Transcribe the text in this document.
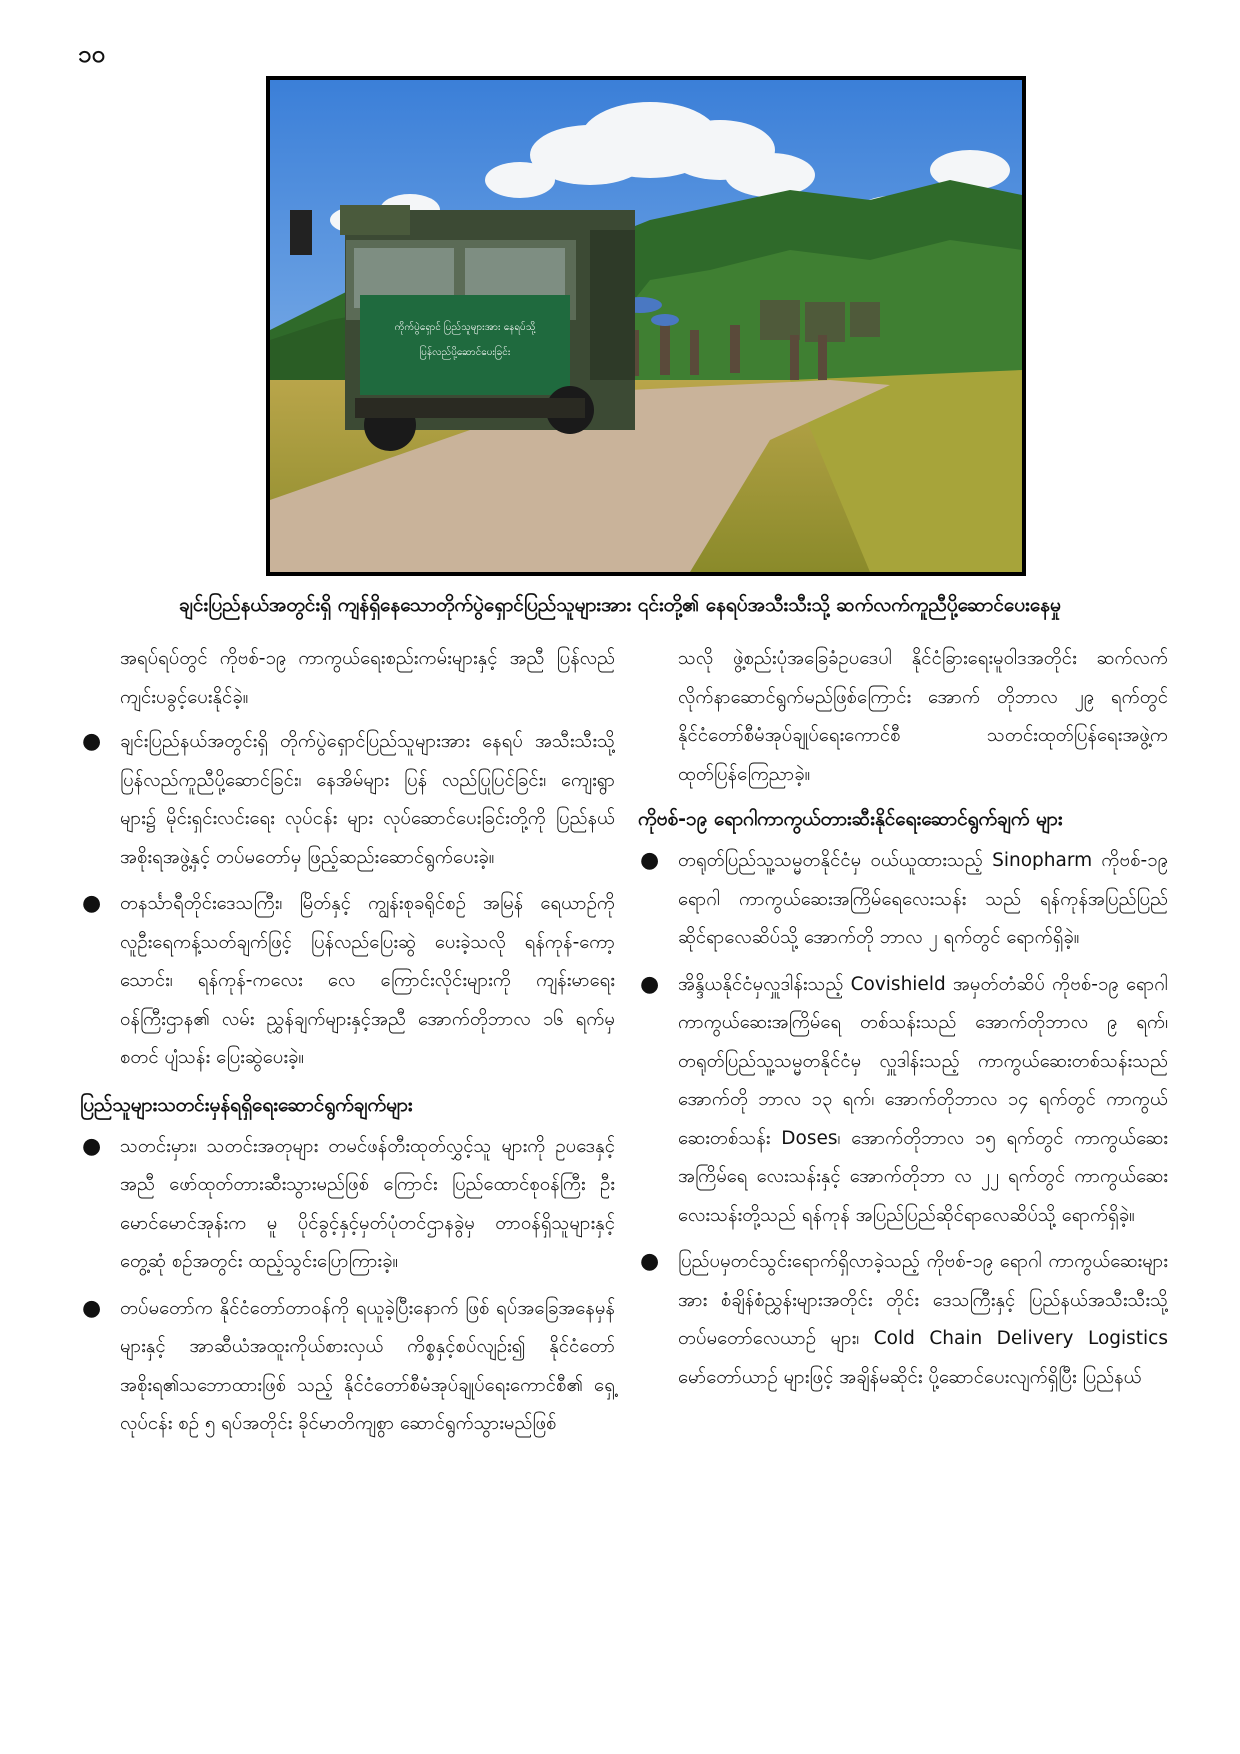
၁၀
ကိုက်ပွဲရှောင် ပြည်သူများအား နေရပ်သို့
ပြန်လည်ပို့ဆောင်ပေးခြင်း
ချင်းပြည်နယ်အတွင်းရှိ ကျန်ရှိနေသောတိုက်ပွဲရှောင်ပြည်သူများအား ၎င်းတို့၏ နေရပ်အသီးသီးသို့ ဆက်လက်ကူညီပို့ဆောင်ပေးနေမှု

အရပ်ရပ်တွင် ကိုဗစ်-၁၉ ကာကွယ်ရေးစည်းကမ်းများနှင့် အညီ ပြန်လည်ကျင်းပခွင့်ပေးနိုင်ခဲ့။

● ချင်းပြည်နယ်အတွင်းရှိ တိုက်ပွဲရှောင်ပြည်သူများအား နေရပ် အသီးသီးသို့ ပြန်လည်ကူညီပို့ဆောင်ခြင်း၊ နေအိမ်များ ပြန် လည်ပြုပြင်ခြင်း၊ ကျေးရွာများ၌ မိုင်းရှင်းလင်းရေး လုပ်ငန်း များ လုပ်ဆောင်ပေးခြင်းတို့ကို ပြည်နယ်အစိုးရအဖွဲ့နှင့် တပ်မတော်မှ ဖြည့်ဆည်းဆောင်ရွက်ပေးခဲ့။
● တနင်္သာရီတိုင်းဒေသကြီး၊ မြိတ်နှင့် ကျွန်းစုခရိုင်စဉ် အမြန် ရေယာဉ်ကို လူဦးရေကန့်သတ်ချက်ဖြင့် ပြန်လည်ပြေးဆွဲ ပေးခဲ့သလို ရန်ကုန်-ကော့သောင်း၊ ရန်ကုန်-ကလေး လေ ကြောင်းလိုင်းများကို ကျန်းမာရေးဝန်ကြီးဌာန၏ လမ်း ညွှန်ချက်များနှင့်အညီ အောက်တိုဘာလ ၁၆ ရက်မှ စတင် ပျံသန်း ပြေးဆွဲပေးခဲ့။
ပြည်သူများသတင်းမှန်ရရှိရေးဆောင်ရွက်ချက်များ
● သတင်းမှား၊ သတင်းအတုများ တမင်ဖန်တီးထုတ်လွှင့်သူ များကို ဥပဒေနှင့်အညီ ဖော်ထုတ်တားဆီးသွားမည်ဖြစ် ကြောင်း ပြည်ထောင်စုဝန်ကြီး ဦးမောင်မောင်အုန်းက မူ ပိုင်ခွင့်နှင့်မှတ်ပုံတင်ဌာနခွဲမှ တာဝန်ရှိသူများနှင့် တွေ့ဆုံ စဉ်အတွင်း ထည့်သွင်းပြောကြားခဲ့။
● တပ်မတော်က နိုင်ငံတော်တာဝန်ကို ရယူခဲ့ပြီးနောက် ဖြစ် ရပ်အခြေအနေမှန်များနှင့် အာဆီယံအထူးကိုယ်စားလှယ် ကိစ္စနှင့်စပ်လျဉ်း၍ နိုင်ငံတော်အစိုးရ၏သဘောထားဖြစ် သည့် နိုင်ငံတော်စီမံအုပ်ချုပ်ရေးကောင်စီ၏ ရှေ့လုပ်ငန်း စဉ် ၅ ရပ်အတိုင်း ခိုင်မာတိကျစွာ ဆောင်ရွက်သွားမည်ဖြစ်

သလို ဖွဲ့စည်းပုံအခြေခံဥပဒေပါ နိုင်ငံခြားရေးမူဝါဒအတိုင်း ဆက်လက်လိုက်နာဆောင်ရွက်မည်ဖြစ်ကြောင်း အောက် တိုဘာလ ၂၉ ရက်တွင် နိုင်ငံတော်စီမံအုပ်ချုပ်ရေးကောင်စီ သတင်းထုတ်ပြန်ရေးအဖွဲ့က ထုတ်ပြန်ကြေညာခဲ့။

ကိုဗစ်-၁၉ ရောဂါကာကွယ်တားဆီးနိုင်ရေးဆောင်ရွက်ချက် များ
● တရုတ်ပြည်သူ့သမ္မတနိုင်ငံမှ ဝယ်ယူထားသည့် Sinopharm ကိုဗစ်-၁၉ ရောဂါ ကာကွယ်ဆေးအကြိမ်ရေလေးသန်း သည် ရန်ကုန်အပြည်ပြည်ဆိုင်ရာလေဆိပ်သို့ အောက်တို ဘာလ ၂ ရက်တွင် ရောက်ရှိခဲ့။
● အိန္ဒိယနိုင်ငံမှလှူဒါန်းသည့် Covishield အမှတ်တံဆိပ် ကိုဗစ်-၁၉ ရောဂါ ကာကွယ်ဆေးအကြိမ်ရေ တစ်သန်းသည် အောက်တိုဘာလ ၉ ရက်၊ တရုတ်ပြည်သူ့သမ္မတနိုင်ငံမှ လှူဒါန်းသည့် ကာကွယ်ဆေးတစ်သန်းသည် အောက်တို ဘာလ ၁၃ ရက်၊ အောက်တိုဘာလ ၁၄ ရက်တွင် ကာကွယ် ဆေးတစ်သန်း Doses၊ အောက်တိုဘာလ ၁၅ ရက်တွင် ကာကွယ်ဆေးအကြိမ်ရေ လေးသန်းနှင့် အောက်တိုဘာ လ ၂၂ ရက်တွင် ကာကွယ်ဆေးလေးသန်းတို့သည် ရန်ကုန် အပြည်ပြည်ဆိုင်ရာလေဆိပ်သို့ ရောက်ရှိခဲ့။
● ပြည်ပမှတင်သွင်းရောက်ရှိလာခဲ့သည့် ကိုဗစ်-၁၉ ရောဂါ ကာကွယ်ဆေးများအား စံချိန်စံညွှန်းများအတိုင်း တိုင်း ဒေသကြီးနှင့် ပြည်နယ်အသီးသီးသို့ တပ်မတော်လေယာဉ် များ၊ Cold Chain Delivery Logistics မော်တော်ယာဉ် များဖြင့် အချိန်မဆိုင်း ပို့ဆောင်ပေးလျက်ရှိပြီး ပြည်နယ်
